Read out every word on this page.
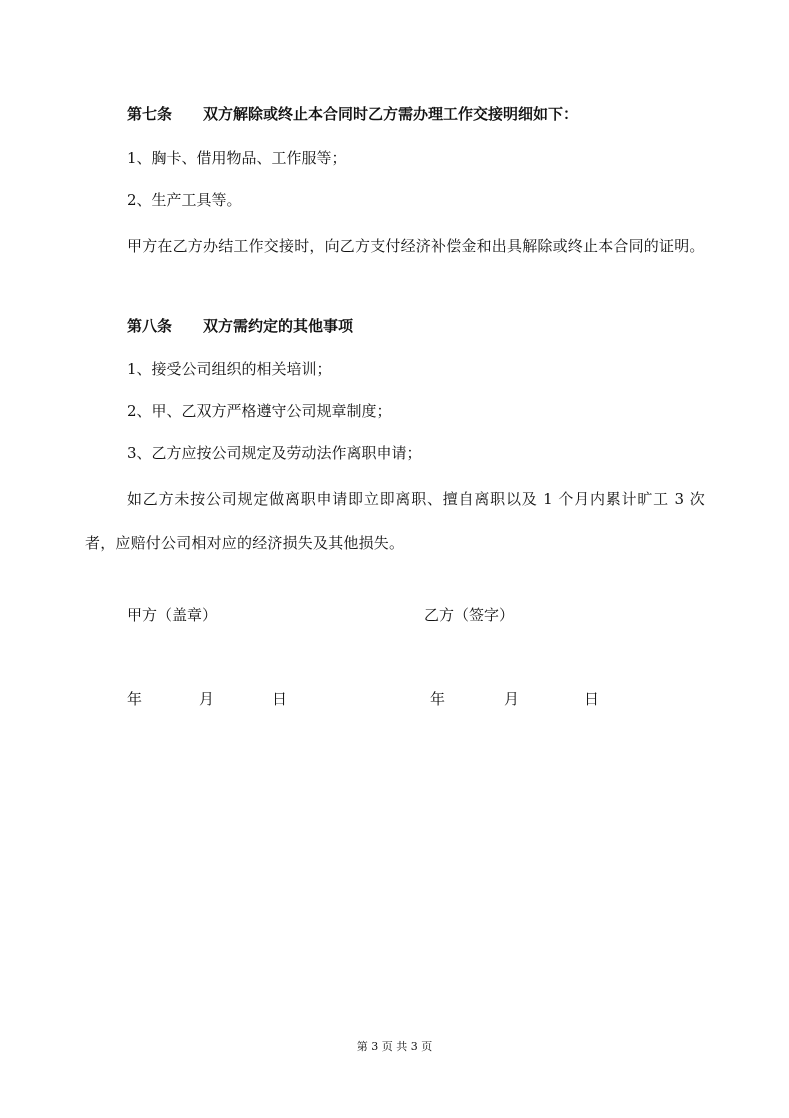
第七条 双方解除或终止本合同时乙方需办理工作交接明细如下：
1、胸卡、借用物品、工作服等；
2、生产工具等。
甲方在乙方办结工作交接时，向乙方支付经济补偿金和出具解除或终止本合同的证明。
第八条 双方需约定的其他事项
1、接受公司组织的相关培训；
2、甲、乙双方严格遵守公司规章制度；
3、乙方应按公司规定及劳动法作离职申请；
如乙方未按公司规定做离职申请即立即离职、擅自离职以及 1 个月内累计旷工 3 次者，应赔付公司相对应的经济损失及其他损失。
甲方（盖章）	乙方（签字）
年	月	日	年	月	日
第 3 页 共 3 页
